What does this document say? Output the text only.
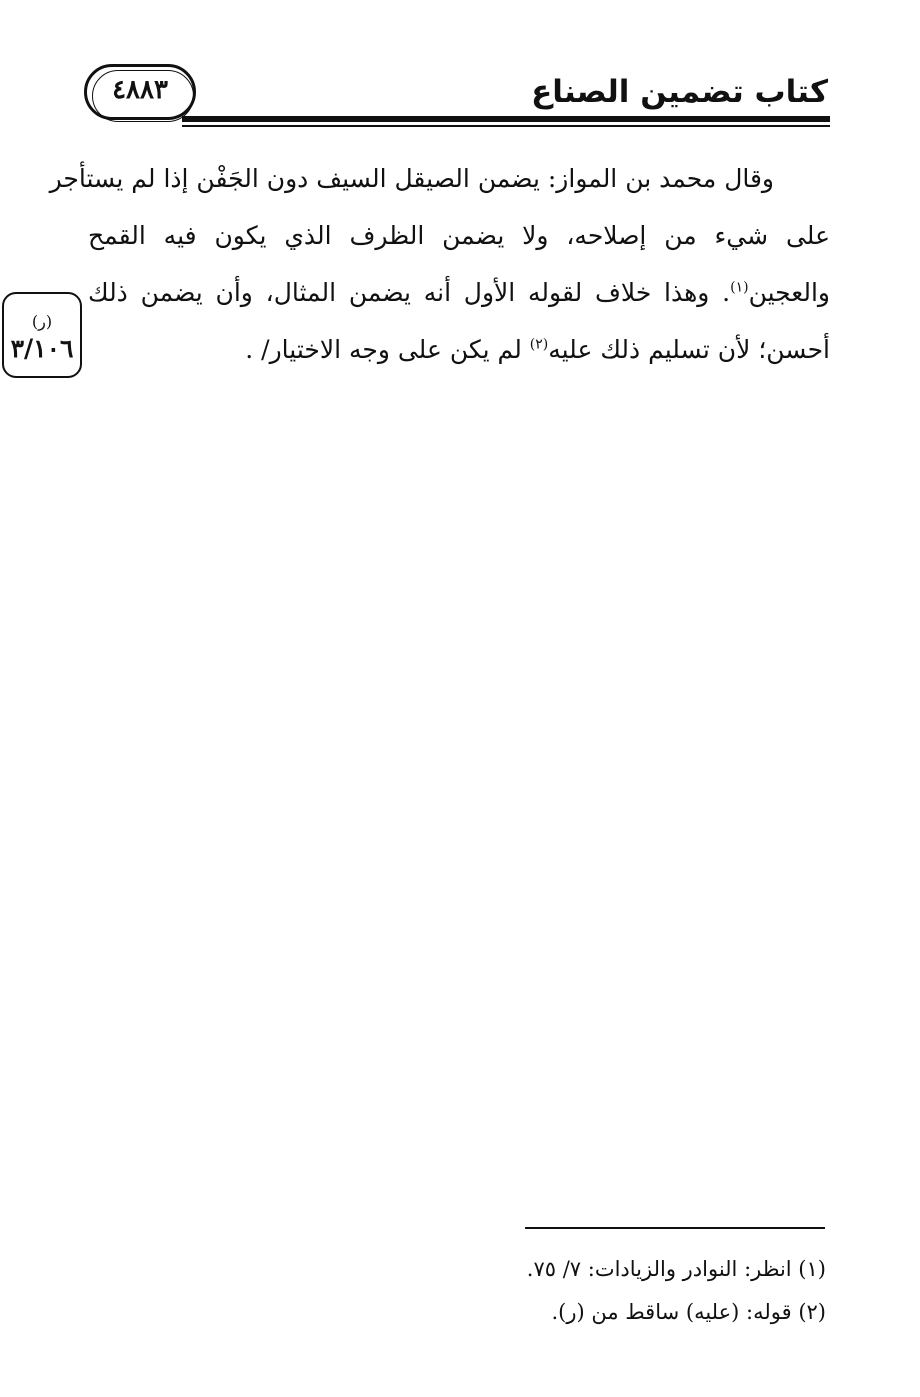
كتاب تضمين الصناع
٤٨٨٣
وقال محمد بن المواز: يضمن الصيقل السيف دون الجَفْن إذا لم يستأجر
على شيء من إصلاحه، ولا يضمن الظرف الذي يكون فيه القمح
والعجين$^{(١)}$. وهذا خلاف لقوله الأول أنه يضمن المثال، وأن يضمن ذلك
أحسن؛ لأن تسليم ذلك عليه$^{(٢)}$ لم يكن على وجه الاختيار/ .
(ر)
٣/١٠٦
(١) انظر: النوادر والزيادات: ٧/ ٧٥.
(٢) قوله: (عليه) ساقط من (ر).
